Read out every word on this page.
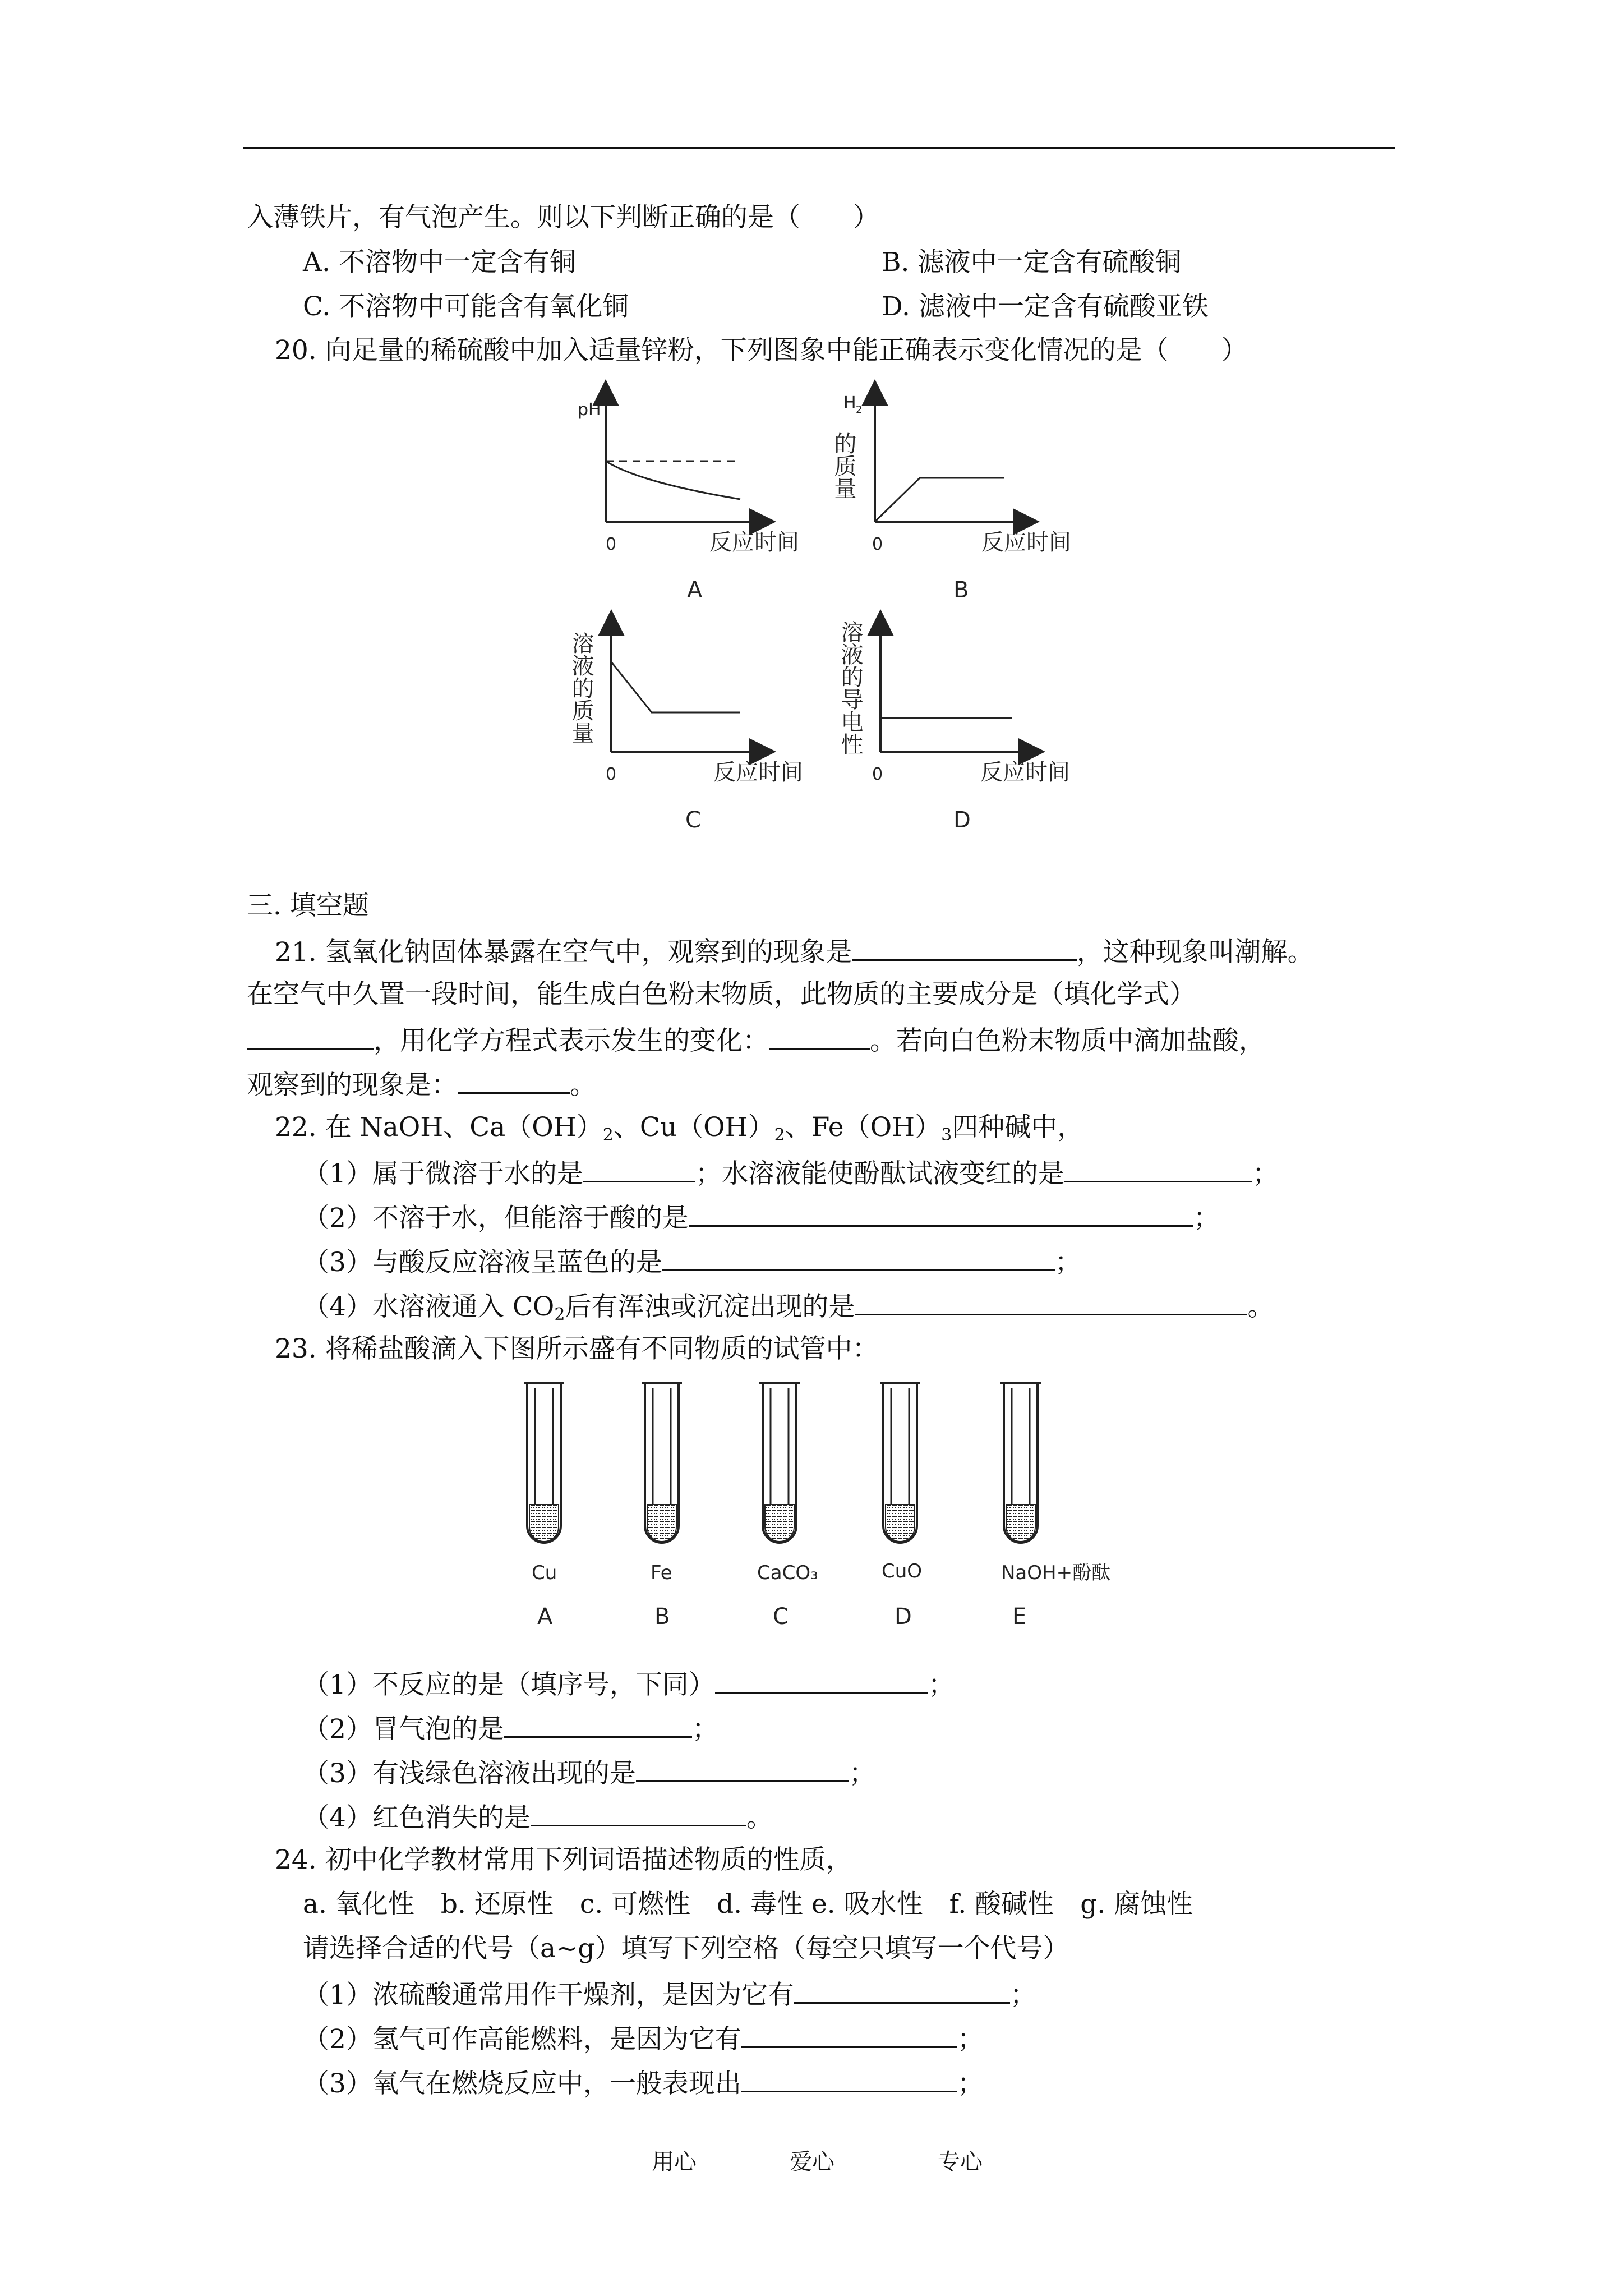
入薄铁片，有气泡产生。则以下判断正确的是（　　）
A. 不溶物中一定含有铜	B. 滤液中一定含有硫酸铜
C. 不溶物中可能含有氧化铜	D. 滤液中一定含有硫酸亚铁
20. 向足量的稀硫酸中加入适量锌粉，下列图象中能正确表示变化情况的是（　　）
pH
0	反应时间
A
H 2
的质量
0	反应时间
B
溶液的质量
0	反应时间
C
溶液的导电性
0	反应时间
D
三. 填空题
21. 氢氧化钠固体暴露在空气中，观察到的现象是	，这种现象叫潮解。
在空气中久置一段时间，能生成白色粉末物质，此物质的主要成分是（填化学式）
，用化学方程式表示发生的变化：	。若向白色粉末物质中滴加盐酸，
观察到的现象是：	。
22. 在 NaOH、$Ca(OH)_2$、$Cu(OH)_2$、$Fe(OH)_3$四种碱中，
（1）属于微溶于水的是	；水溶液能使酚酞试液变红的是	；
（2）不溶于水，但能溶于酸的是	；
（3）与酸反应溶液呈蓝色的是	；
（4）水溶液通入 $CO_2$后有浑浊或沉淀出现的是	。
23. 将稀盐酸滴入下图所示盛有不同物质的试管中：
Cu	Fe	CaCO₃	CuO	NaOH+酚酞
A	B	C	D	E
（1）不反应的是（填序号，下同）	；
（2）冒气泡的是	；
（3）有浅绿色溶液出现的是	；
（4）红色消失的是	。
24. 初中化学教材常用下列词语描述物质的性质，
a. 氧化性　b. 还原性　c. 可燃性　d. 毒性 e. 吸水性　f. 酸碱性　g. 腐蚀性
请选择合适的代号（a~g）填写下列空格（每空只填写一个代号）
（1）浓硫酸通常用作干燥剂，是因为它有	；
（2）氢气可作高能燃料，是因为它有	；
（3）氧气在燃烧反应中，一般表现出	；
用心	爱心	专心
